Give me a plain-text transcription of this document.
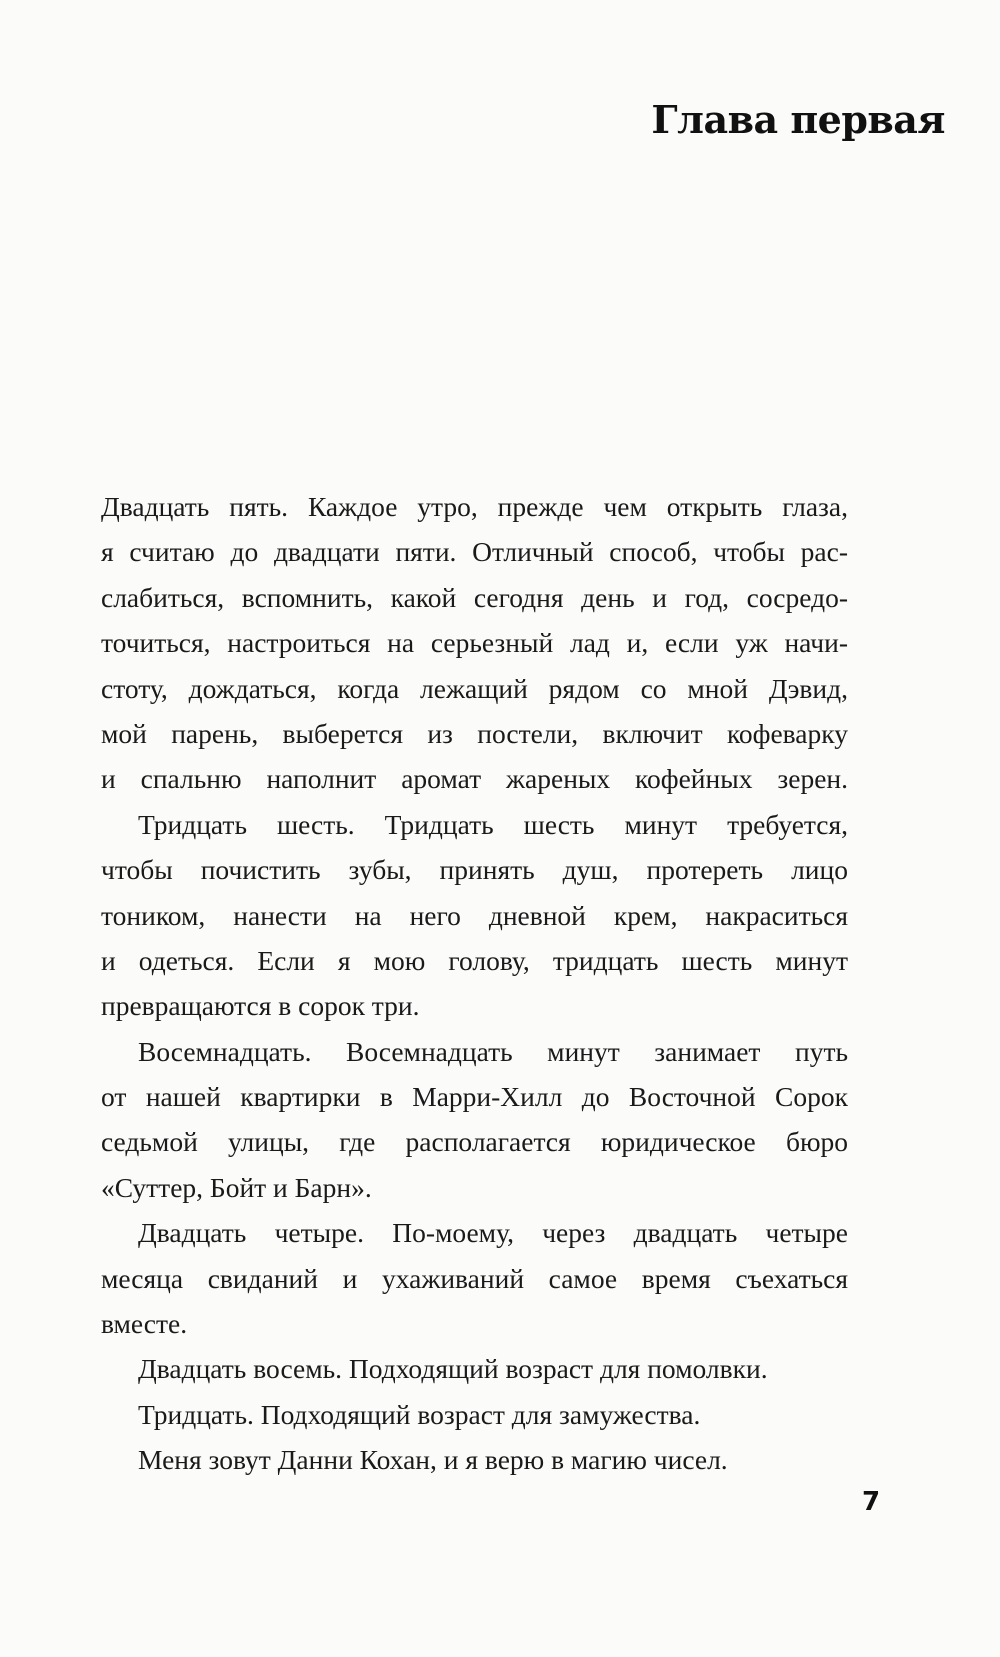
Глава первая
Двадцать пять. Каждое утро, прежде чем открыть глаза,
я считаю до двадцати пяти. Отличный способ, чтобы рас-
слабиться, вспомнить, какой сегодня день и год, сосредо-
точиться, настроиться на серьезный лад и, если уж начи-
стоту, дождаться, когда лежащий рядом со мной Дэвид,
мой парень, выберется из постели, включит кофеварку
и спальню наполнит аромат жареных кофейных зерен.
Тридцать шесть. Тридцать шесть минут требуется,
чтобы почистить зубы, принять душ, протереть лицо
тоником, нанести на него дневной крем, накраситься
и одеться. Если я мою голову, тридцать шесть минут
превращаются в сорок три.
Восемнадцать. Восемнадцать минут занимает путь
от нашей квартирки в Марри-Хилл до Восточной Сорок
седьмой улицы, где располагается юридическое бюро
«Суттер, Бойт и Барн».
Двадцать четыре. По-моему, через двадцать четыре
месяца свиданий и ухаживаний самое время съехаться
вместе.
Двадцать восемь. Подходящий возраст для помолвки.
Тридцать. Подходящий возраст для замужества.
Меня зовут Данни Кохан, и я верю в магию чисел.
7
